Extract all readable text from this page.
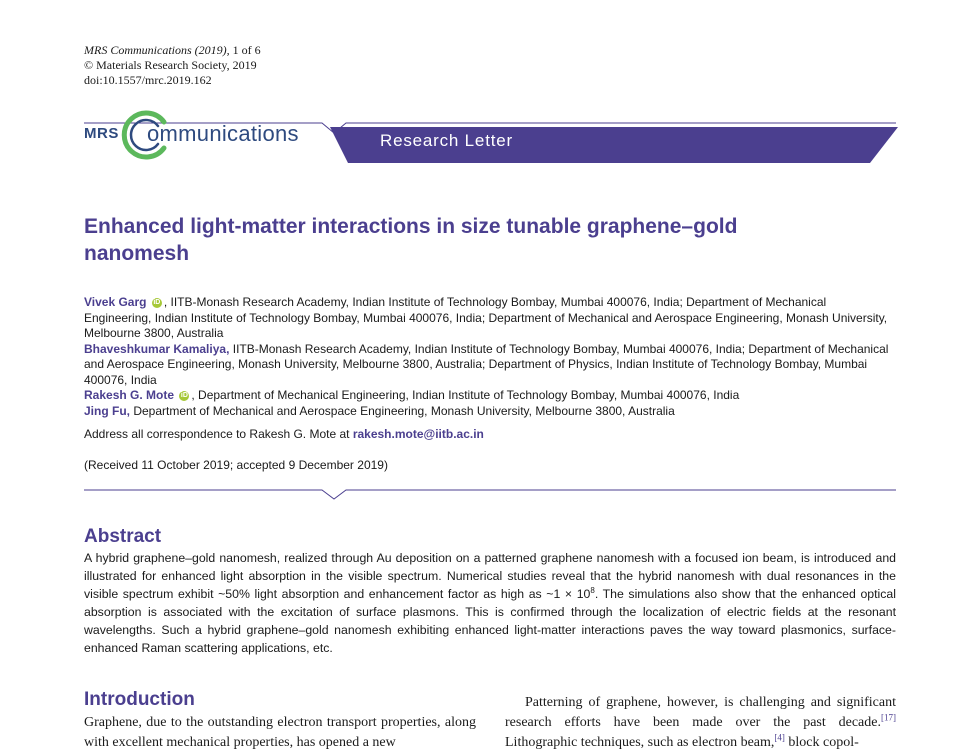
MRS Communications (2019), 1 of 6
© Materials Research Society, 2019
doi:10.1557/mrc.2019.162
MRS ommunications	Research Letter
Enhanced light-matter interactions in size tunable graphene–gold nanomesh

Vivek Garg iD , IITB-Monash Research Academy, Indian Institute of Technology Bombay, Mumbai 400076, India; Department of Mechanical Engineering, Indian Institute of Technology Bombay, Mumbai 400076, India; Department of Mechanical and Aerospace Engineering, Monash University, Melbourne 3800, Australia

Bhaveshkumar Kamaliya, IITB-Monash Research Academy, Indian Institute of Technology Bombay, Mumbai 400076, India; Department of Mechanical and Aerospace Engineering, Monash University, Melbourne 3800, Australia; Department of Physics, Indian Institute of Technology Bombay, Mumbai 400076, India

Rakesh G. Mote iD , Department of Mechanical Engineering, Indian Institute of Technology Bombay, Mumbai 400076, India

Jing Fu, Department of Mechanical and Aerospace Engineering, Monash University, Melbourne 3800, Australia

Address all correspondence to Rakesh G. Mote at rakesh.mote@iitb.ac.in
(Received 11 October 2019; accepted 9 December 2019)
Abstract

A hybrid graphene–gold nanomesh, realized through Au deposition on a patterned graphene nanomesh with a focused ion beam, is introduced and illustrated for enhanced light absorption in the visible spectrum. Numerical studies reveal that the hybrid nanomesh with dual resonances in the visible spectrum exhibit ~50% light absorption and enhancement factor as high as ~1 × $10^8$. The simulations also show that the enhanced optical absorption is associated with the excitation of surface plasmons. This is confirmed through the localization of electric fields at the resonant wavelengths. Such a hybrid graphene–gold nanomesh exhibiting enhanced light-matter interactions paves the way toward plasmonics, surface-enhanced Raman scattering applications, etc.

Introduction

Graphene, due to the outstanding electron transport properties, along with excellent mechanical properties, has opened a new

Patterning of graphene, however, is challenging and significant research efforts have been made over the past decade.[17] Lithographic techniques, such as electron beam,[4] block copol-
